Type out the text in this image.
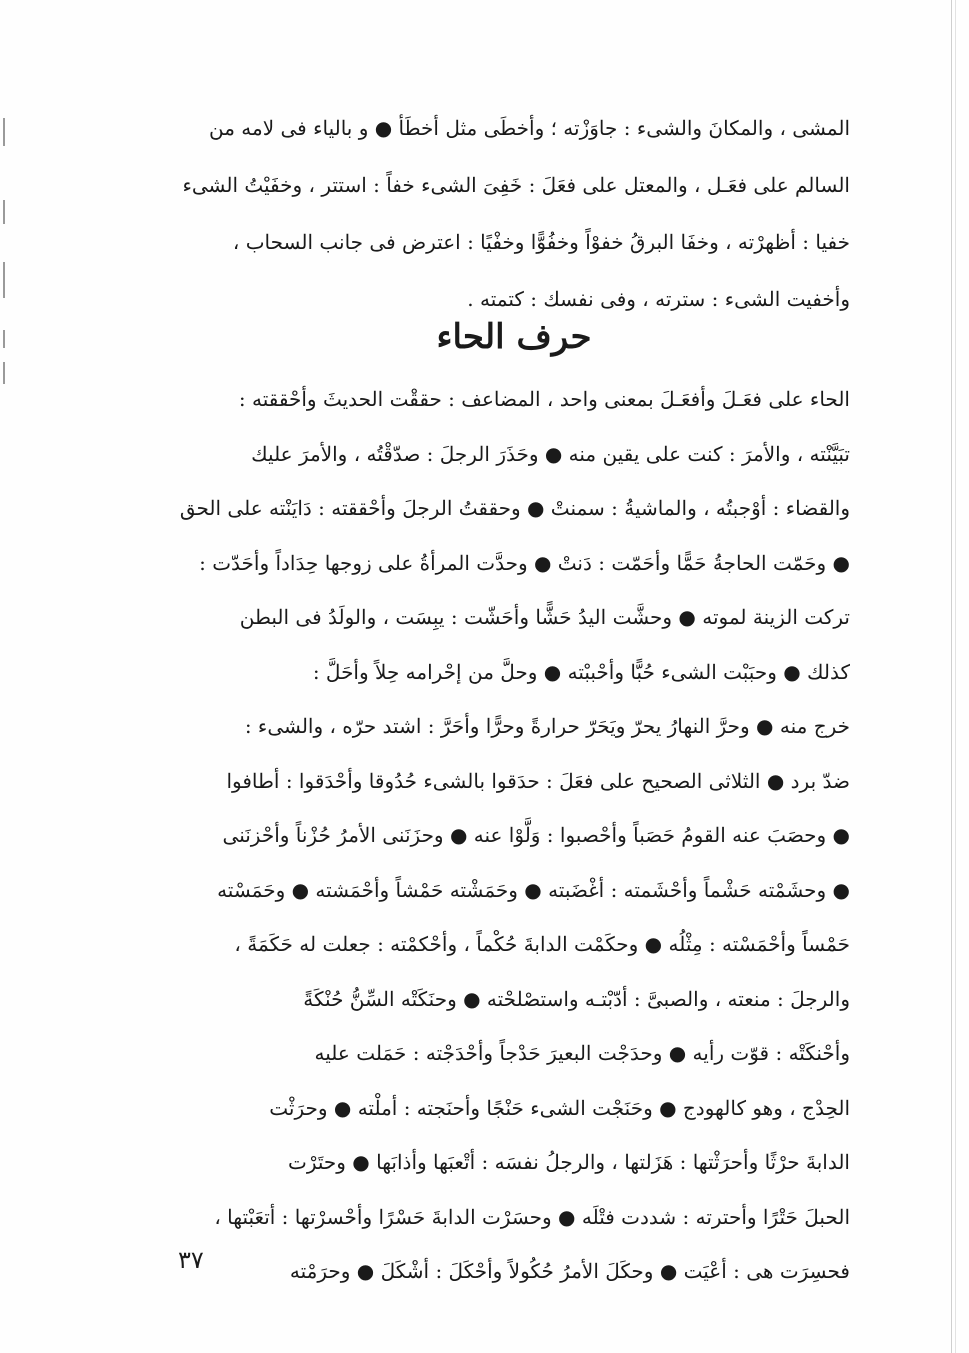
المشى ، والمكانَ والشىء : جاوَزْته ؛ وأخطَى مثل أخطَأ ● و بالياء فى لامه من
السالم على فعَـل ، والمعتل على فعَلَ : خَفِىَ الشىء خفاً : استتر ، وخفَيْتُ الشىء
خفيا : أظهرْته ، وخفَا البرقُ خفوْاً وخفُوًّا وخفْيًا : اعترض فى جانب السحاب ،
وأخفيت الشىء : سترته ، وفى نفسك : كتمته .
حرف الحاء
الحاء على فعَـلَ وأفعَـلَ بمعنى واحد ، المضاعف : حققْت الحديثَ وأحْققته :
تبَيَّنْته ، والأمرَ : كنت على يقين منه ● وحَذَرَ الرجلَ : صدّقْتُه ، والأمرَ عليك
والقضاء : أوْجبتُه ، والماشيةُ : سمنتْ ● وحققتُ الرجلَ وأحْققته : دَايَنْته على الحق
● وحَمّت الحاجةُ حَمًّا وأحَمّت : دَنتْ ● وحدَّت المرأةُ على زوجها حِدَاداً وأحَدّت :
تركت الزينة لموته ● وحشَّت اليدُ حَشًّا وأحَشّت : يبِسَت ، والولَدُ فى البطن
كذلك ● وحبَبْت الشىء حُبًّا وأحْببْته ● وحلَّ من إحْرامه حِلاً وأحَلَّ :
خرج منه ● وحرَّ النهارُ يحرّ ويَحَرّ حرارةً وحرًّا وأحَرَّ : اشتد حرّه ، والشىء :
ضدّ برد ● الثلاثى الصحيح على فعَلَ : حدَقوا بالشىء حُدُوقا وأحْدَقوا : أطافوا
● وحصَبَ عنه القومُ حَصَباً وأحْصبوا : وَلَّوْا عنه ● وحزَنَنى الأمرُ حُزْناً وأحْزنَنى
● وحشَمْته حَشْماً وأحْشَمته : أغْضَبته ● وحَمَشْته حَمْشاً وأحْمَشته ● وحَمَسْته
حَمْساً وأحْمَسْته : مِثْلُه ● وحكَمْت الدابةَ حُكْماً ، وأحْكمْته : جعلت له حَكَمَةً ،
والرجلَ : منعته ، والصبىَّ : أدّبْتـه واستصْلحْته ● وحنَكَتْه السِّنُّ حُنْكَةً
وأحْنكَتْه : قوّت رأيه ● وحدَجْت البعيرَ حَدْجاً وأحْدَجْته : حَمَلت عليه
الحِدْج ، وهو كالهودج ● وحَنَجْت الشىء حَنْجًا وأحنَجته : أملْته ● وحرَثْت
الدابةَ حرْثًا وأحرَثْتها : هَزَلتها ، والرجلُ نفسَه : أتْعبَها وأذابَها ● وحتَرْت
الحبلَ حَتْرًا وأحترته : شددت فتْلَه ● وحسَرْت الدابةَ حَسْرًا وأحْسرْتها : أتعَبْتها ،
فحسِرَت هى : أعْيَت ● وحكَلَ الأمرُ حُكُولاً وأحْكَلَ : أشْكَلَ ● وحرَمْته
٣٧
